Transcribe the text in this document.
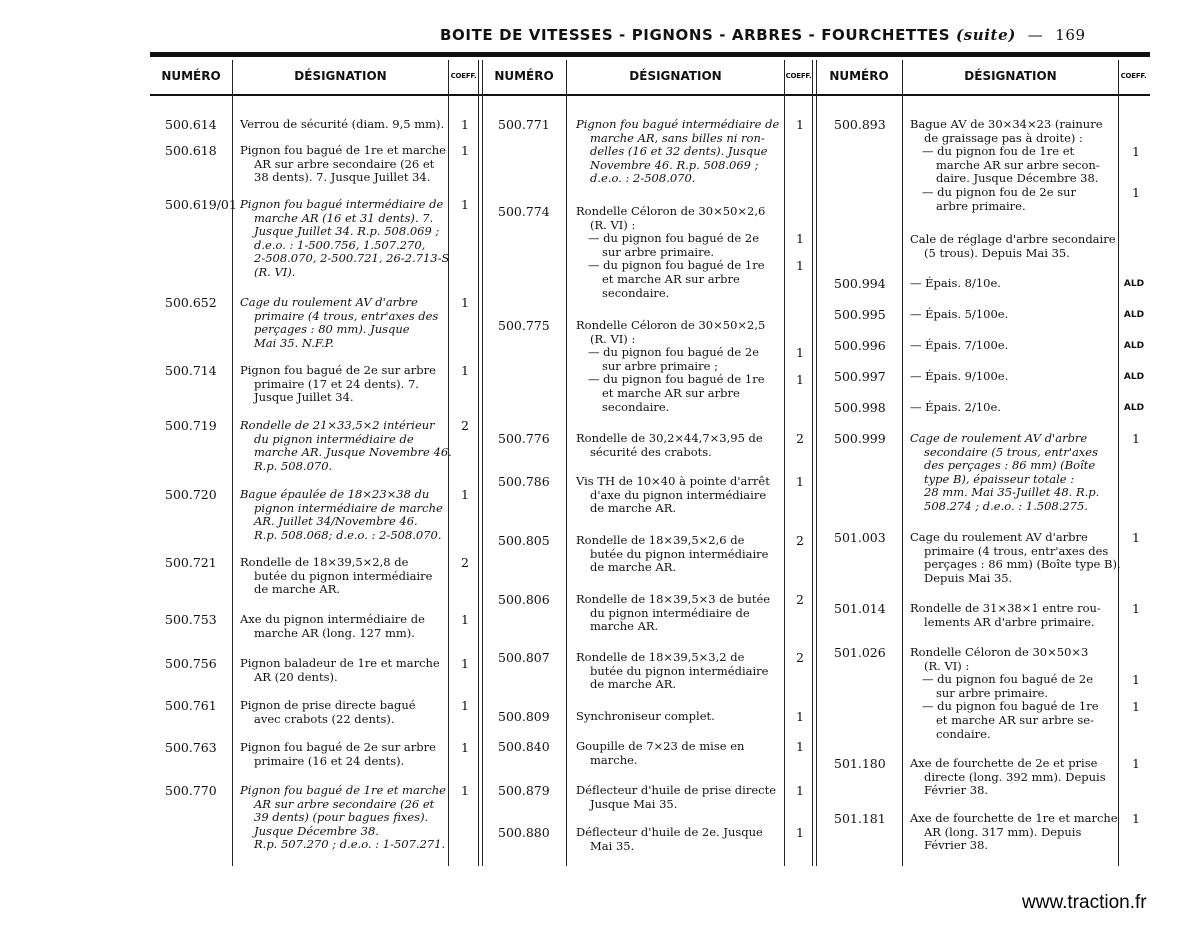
BOITE DE VITESSES - PIGNONS - ARBRES - FOURCHETTES (suite) — 169
NUMÉRO	DÉSIGNATION	COEFF.	NUMÉRO	DÉSIGNATION	COEFF.	NUMÉRO	DÉSIGNATION	COEFF.
500.614 Verrou de sécurité (diam. 9,5 mm).	1
500.618 Pignon fou bagué de 1re et marche
AR sur arbre secondaire (26 et
38 dents). 7. Jusque Juillet 34.
1
500.619/01 Pignon fou bagué intermédiaire de
marche AR (16 et 31 dents). 7.
Jusque Juillet 34. R.p. 508.069 ;
d.e.o. : 1-500.756, 1.507.270,
2-508.070, 2-500.721, 26-2.713-S
(R. VI).
1
500.652 Cage du roulement AV d'arbre
primaire (4 trous, entr'axes des
perçages : 80 mm). Jusque
Mai 35. N.F.P.
1
500.714 Pignon fou bagué de 2e sur arbre
primaire (17 et 24 dents). 7.
Jusque Juillet 34.
1
500.719 Rondelle de 21×33,5×2 intérieur
du pignon intermédiaire de
marche AR. Jusque Novembre 46.
R.p. 508.070.
2
500.720 Bague épaulée de 18×23×38 du
pignon intermédiaire de marche
AR. Juillet 34/Novembre 46.
R.p. 508.068; d.e.o. : 2-508.070.
1
500.721 Rondelle de 18×39,5×2,8 de
butée du pignon intermédiaire
de marche AR.
2
500.753 Axe du pignon intermédiaire de
marche AR (long. 127 mm).
1
500.756 Pignon baladeur de 1re et marche
AR (20 dents).
1
500.761 Pignon de prise directe bagué
avec crabots (22 dents).
1
500.763 Pignon fou bagué de 2e sur arbre
primaire (16 et 24 dents).
1
500.770 Pignon fou bagué de 1re et marche
AR sur arbre secondaire (26 et
39 dents) (pour bagues fixes).
Jusque Décembre 38.
R.p. 507.270 ; d.e.o. : 1-507.271.
1
500.771 Pignon fou bagué intermédiaire de
marche AR, sans billes ni ron-
delles (16 et 32 dents). Jusque
Novembre 46. R.p. 508.069 ;
d.e.o. : 2-508.070.
1
500.774 Rondelle Céloron de 30×50×2,6
(R. VI) :
— du pignon fou bagué de 2e
sur arbre primaire.
— du pignon fou bagué de 1re
et marche AR sur arbre
secondaire.
1
1
500.775 Rondelle Céloron de 30×50×2,5
(R. VI) :
— du pignon fou bagué de 2e
sur arbre primaire ;
— du pignon fou bagué de 1re
et marche AR sur arbre
secondaire.
1
1
500.776 Rondelle de 30,2×44,7×3,95 de
sécurité des crabots.
2
500.786 Vis TH de 10×40 à pointe d'arrêt
d'axe du pignon intermédiaire
de marche AR.
1
500.805 Rondelle de 18×39,5×2,6 de
butée du pignon intermédiaire
de marche AR.
2
500.806 Rondelle de 18×39,5×3 de butée
du pignon intermédiaire de
marche AR.
2
500.807 Rondelle de 18×39,5×3,2 de
butée du pignon intermédiaire
de marche AR.
2
500.809 Synchroniseur complet.	1
500.840 Goupille de 7×23 de mise en
marche.
1
500.879 Déflecteur d'huile de prise directe
Jusque Mai 35.
1
500.880 Déflecteur d'huile de 2e. Jusque
Mai 35.
1
500.893 Bague AV de 30×34×23 (rainure
de graissage pas à droite) :
— du pignon fou de 1re et
marche AR sur arbre secon-
daire. Jusque Décembre 38.
— du pignon fou de 2e sur
arbre primaire.
1
1
Cale de réglage d'arbre secondaire
(5 trous). Depuis Mai 35.
500.994 — Épais. 8/10e.	ALD
500.995 — Épais. 5/100e.	ALD
500.996 — Épais. 7/100e.	ALD
500.997 — Épais. 9/100e.	ALD
500.998 — Épais. 2/10e.	ALD
500.999 Cage de roulement AV d'arbre
secondaire (5 trous, entr'axes
des perçages : 86 mm) (Boîte
type B), épaisseur totale :
28 mm. Mai 35-Juillet 48. R.p.
508.274 ; d.e.o. : 1.508.275.
1
501.003 Cage du roulement AV d'arbre
primaire (4 trous, entr'axes des
perçages : 86 mm) (Boîte type B).
Depuis Mai 35.
1
501.014 Rondelle de 31×38×1 entre rou-
lements AR d'arbre primaire.
1
501.026 Rondelle Céloron de 30×50×3
(R. VI) :
— du pignon fou bagué de 2e
sur arbre primaire.
— du pignon fou bagué de 1re
et marche AR sur arbre se-
condaire.
1
1
501.180 Axe de fourchette de 2e et prise
directe (long. 392 mm). Depuis
Février 38.
1
501.181 Axe de fourchette de 1re et marche
AR (long. 317 mm). Depuis
Février 38.
1
www.traction.fr
